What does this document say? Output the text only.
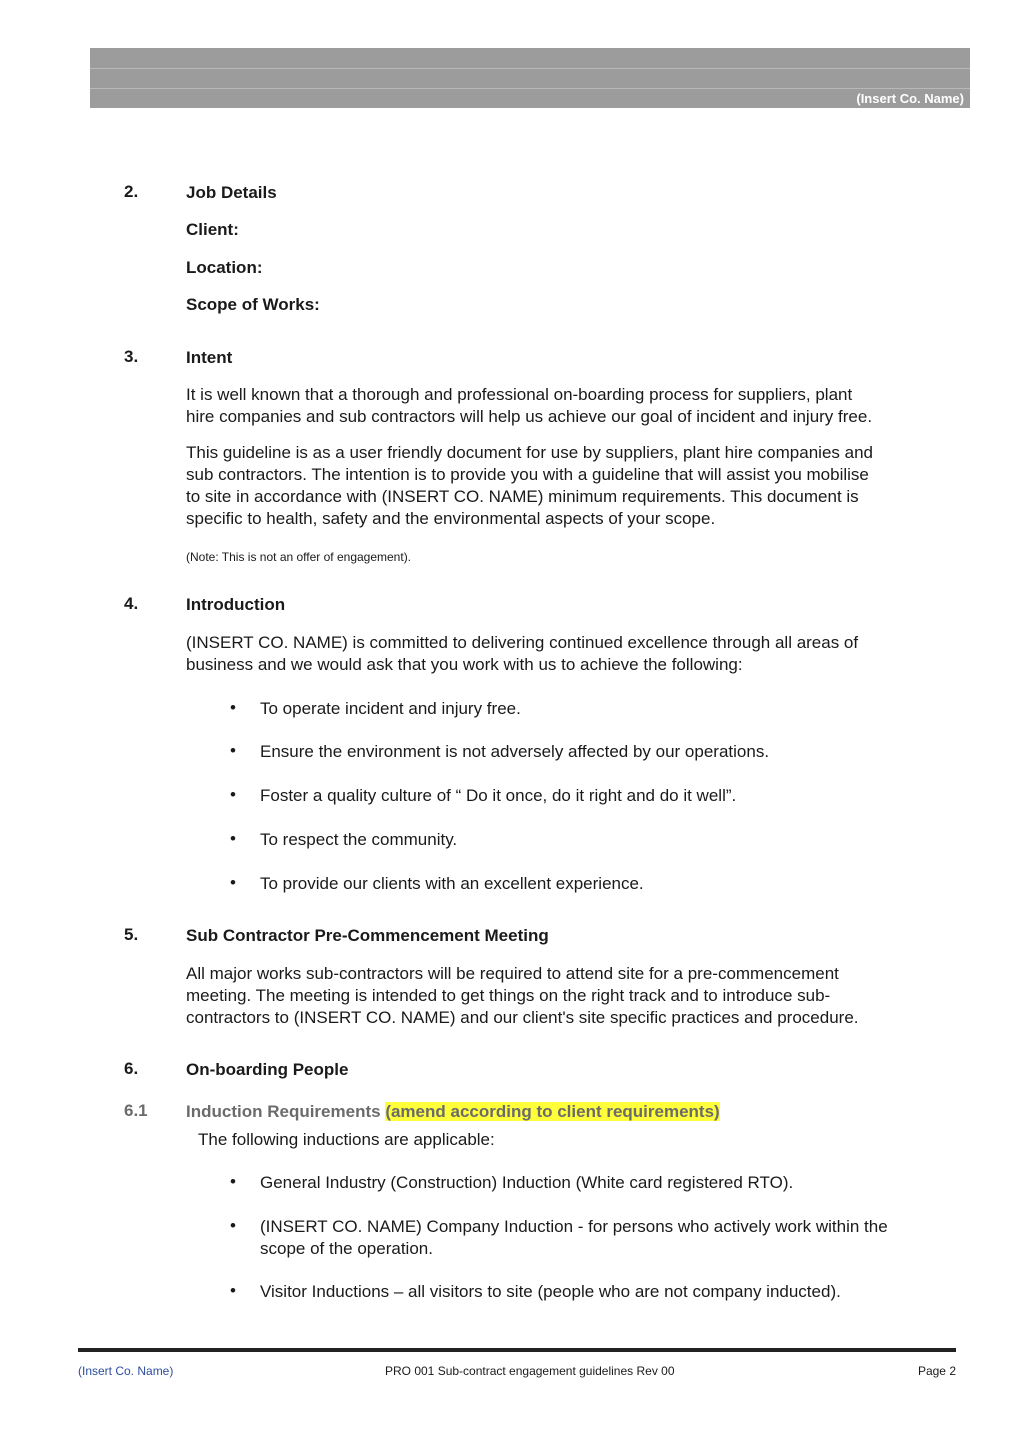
(Insert Co. Name)
2.	Job Details
Client:
Location:
Scope of Works:
3.	Intent
It is well known that a thorough and professional on-boarding process for suppliers, plant
hire companies and sub contractors will help us achieve our goal of incident and injury free.
This guideline is as a user friendly document for use by suppliers, plant hire companies and
sub contractors. The intention is to provide you with a guideline that will assist you mobilise
to site in accordance with (INSERT CO. NAME) minimum requirements. This document is
specific to health, safety and the environmental aspects of your scope.
(Note: This is not an offer of engagement).
4.	Introduction
(INSERT CO. NAME) is committed to delivering continued excellence through all areas of
business and we would ask that you work with us to achieve the following:
• To operate incident and injury free.
• Ensure the environment is not adversely affected by our operations.
• Foster a quality culture of “ Do it once, do it right and do it well”.
• To respect the community.
• To provide our clients with an excellent experience.
5.	Sub Contractor Pre-Commencement Meeting
All major works sub-contractors will be required to attend site for a pre-commencement
meeting. The meeting is intended to get things on the right track and to introduce sub-
contractors to (INSERT CO. NAME) and our client's site specific practices and procedure.
6.	On-boarding People
6.1 Induction Requirements (amend according to client requirements)
The following inductions are applicable:
• General Industry (Construction) Induction (White card registered RTO).
• (INSERT CO. NAME) Company Induction - for persons who actively work within the
scope of the operation.
• Visitor Inductions – all visitors to site (people who are not company inducted).
(Insert Co. Name)	PRO 001 Sub-contract engagement guidelines Rev 00	Page 2
